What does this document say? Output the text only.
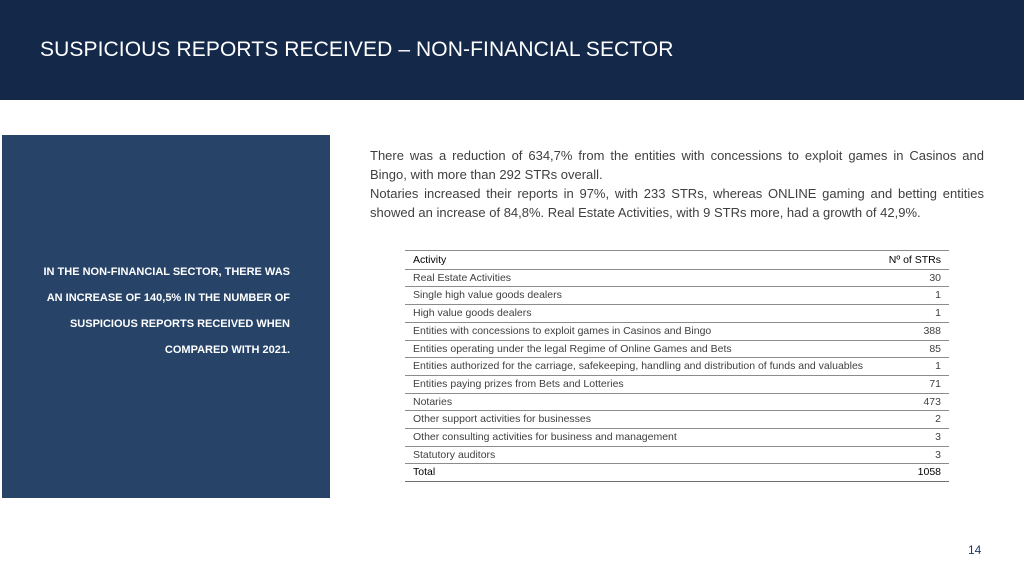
SUSPICIOUS REPORTS RECEIVED – NON-FINANCIAL SECTOR
IN THE NON-FINANCIAL SECTOR, THERE WAS AN INCREASE OF 140,5% IN THE NUMBER OF SUSPICIOUS REPORTS RECEIVED WHEN COMPARED WITH 2021.

There was a reduction of 634,7% from the entities with concessions to exploit games in Casinos and Bingo, with more than 292 STRs overall.

Notaries increased their reports in 97%, with 233 STRs, whereas ONLINE gaming and betting entities showed an increase of 84,8%. Real Estate Activities, with 9 STRs more, had a growth of 42,9%.

Activity	Nº of STRs
Real Estate Activities	30
Single high value goods dealers	1
High value goods dealers	1
Entities with concessions to exploit games in Casinos and Bingo	388
Entities operating under the legal Regime of Online Games and Bets	85
Entities authorized for the carriage, safekeeping, handling and distribution of funds and valuables	1
Entities paying prizes from Bets and Lotteries	71
Notaries	473
Other support activities for businesses	2
Other consulting activities for business and management	3
Statutory auditors	3
Total	1058
14
